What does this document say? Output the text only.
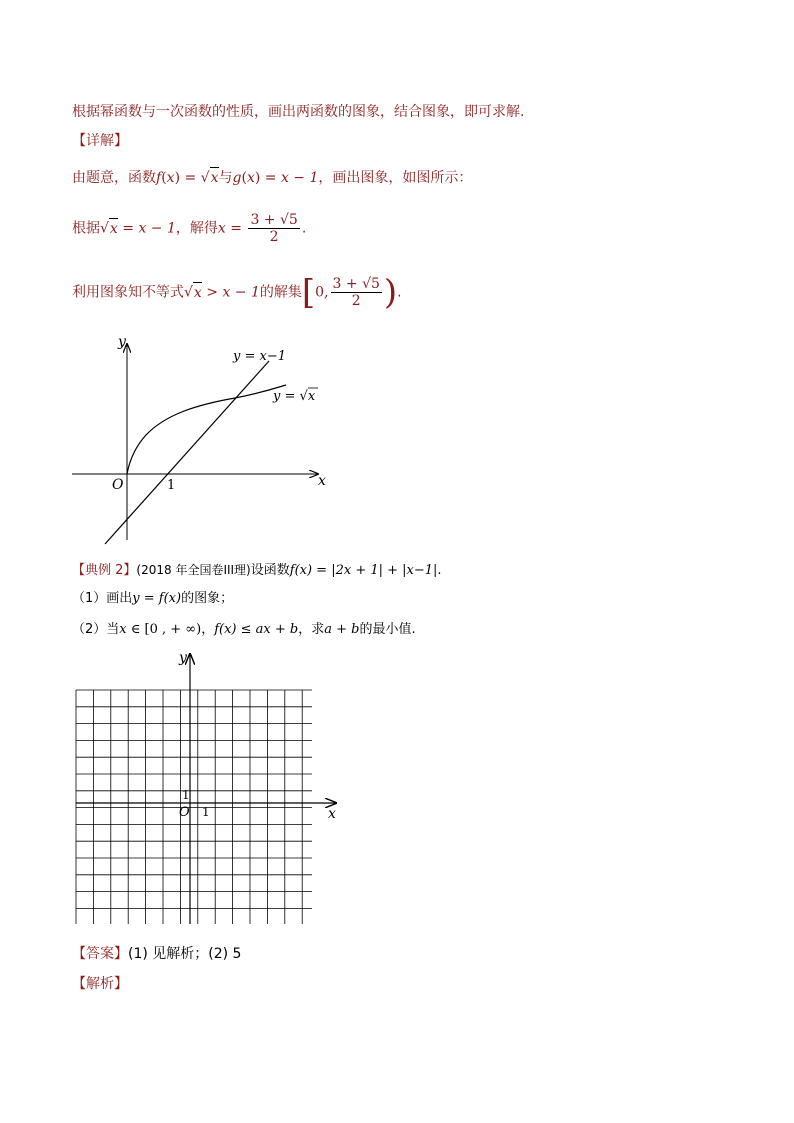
根据幂函数与一次函数的性质，画出两函数的图象，结合图象，即可求解.
【详解】
由题意，函数f(x) = √x与g(x) = x − 1，画出图象，如图所示：
根据√x = x − 1，解得$x = \frac{3 + √5}{2}$ .
利用图象知不等式√x > x − 1的解集[0, $\frac{3 + √5}{2}$ ).
y
x
O	1
y = x−1
y = √x
【典例 2】(2018 年全国卷III理)设函数f(x) = |2x + 1| + |x−1|.
（1）画出y = f(x)的图象；
（2）当x ∈ [0 , + ∞)，f(x) ≤ ax + b，求a + b的最小值.
y
x
O 1
1
【答案】(1) 见解析；(2) 5
【解析】
